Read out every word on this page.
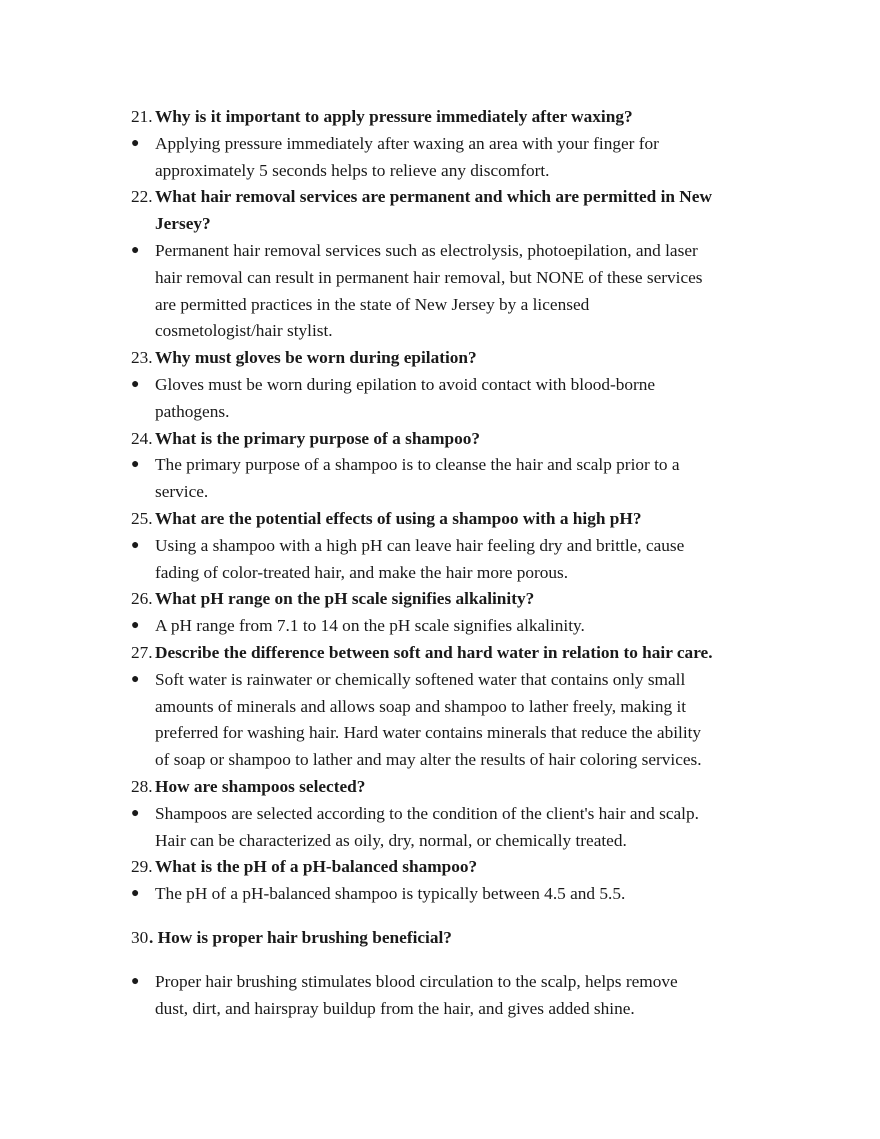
21. Why is it important to apply pressure immediately after waxing?
● Applying pressure immediately after waxing an area with your finger for
approximately 5 seconds helps to relieve any discomfort.
22. What hair removal services are permanent and which are permitted in New
Jersey?
● Permanent hair removal services such as electrolysis, photoepilation, and laser
hair removal can result in permanent hair removal, but NONE of these services
are permitted practices in the state of New Jersey by a licensed
cosmetologist/hair stylist.
23. Why must gloves be worn during epilation?
● Gloves must be worn during epilation to avoid contact with blood-borne
pathogens.
24. What is the primary purpose of a shampoo?
● The primary purpose of a shampoo is to cleanse the hair and scalp prior to a
service.
25. What are the potential effects of using a shampoo with a high pH?
● Using a shampoo with a high pH can leave hair feeling dry and brittle, cause
fading of color-treated hair, and make the hair more porous.
26. What pH range on the pH scale signifies alkalinity?
● A pH range from 7.1 to 14 on the pH scale signifies alkalinity.
27. Describe the difference between soft and hard water in relation to hair care.
● Soft water is rainwater or chemically softened water that contains only small
amounts of minerals and allows soap and shampoo to lather freely, making it
preferred for washing hair. Hard water contains minerals that reduce the ability
of soap or shampoo to lather and may alter the results of hair coloring services.
28. How are shampoos selected?
● Shampoos are selected according to the condition of the client's hair and scalp.
Hair can be characterized as oily, dry, normal, or chemically treated.
29. What is the pH of a pH-balanced shampoo?
● The pH of a pH-balanced shampoo is typically between 4.5 and 5.5.
30 . How is proper hair brushing beneficial?
● Proper hair brushing stimulates blood circulation to the scalp, helps remove
dust, dirt, and hairspray buildup from the hair, and gives added shine.
